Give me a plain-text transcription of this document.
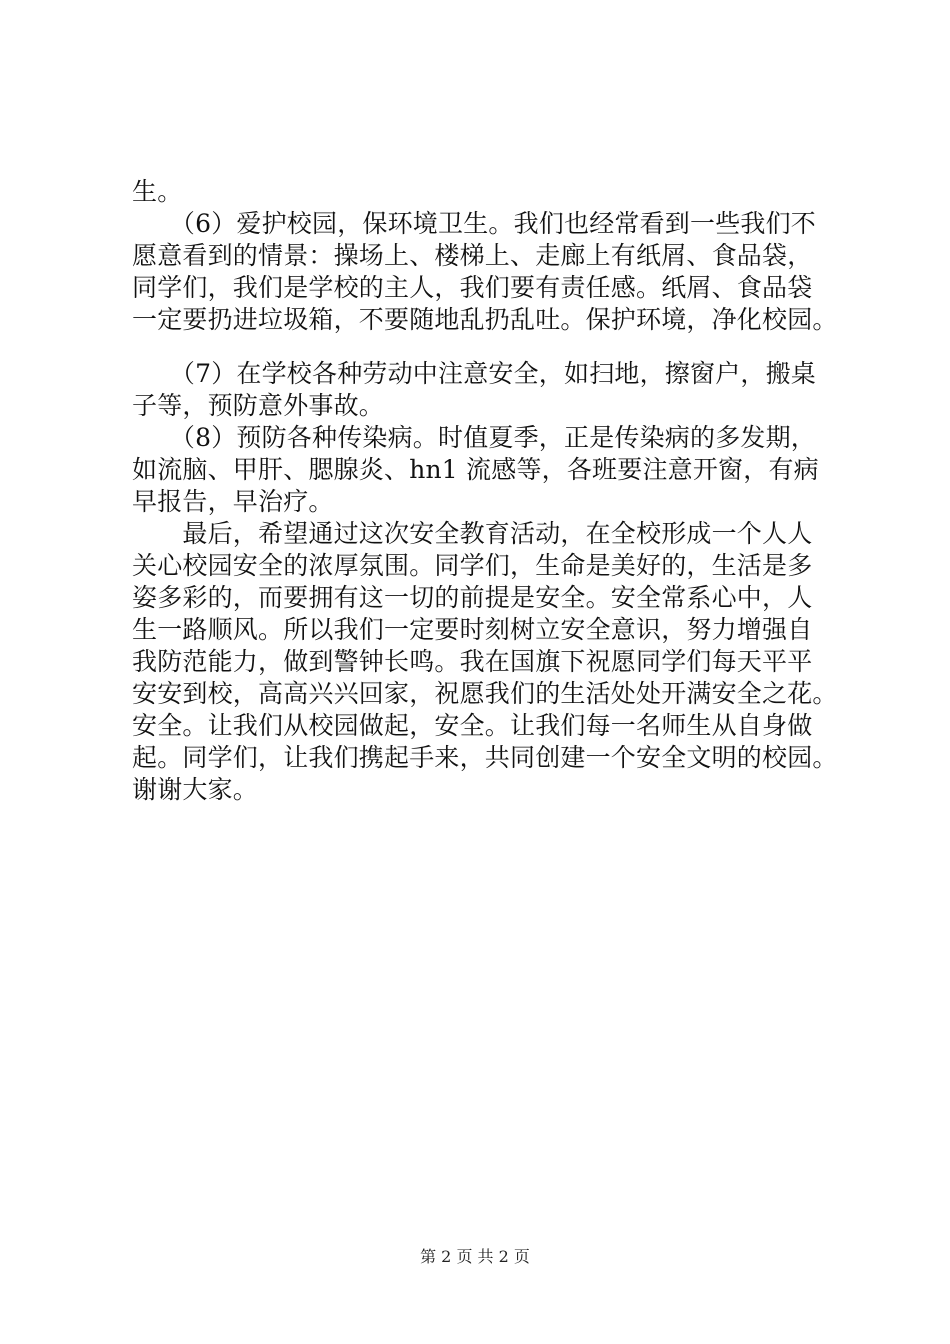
生。
　　（6）爱护校园，保环境卫生。我们也经常看到一些我们不
愿意看到的情景：操场上、楼梯上、走廊上有纸屑、食品袋，
同学们，我们是学校的主人，我们要有责任感。纸屑、食品袋
一定要扔进垃圾箱，不要随地乱扔乱吐。保护环境，净化校园。
　　（7）在学校各种劳动中注意安全，如扫地，擦窗户，搬桌
子等，预防意外事故。
　　（8）预防各种传染病。时值夏季，正是传染病的多发期，
如流脑、甲肝、腮腺炎、hn1 流感等，各班要注意开窗，有病
早报告，早治疗。
　　最后，希望通过这次安全教育活动，在全校形成一个人人
关心校园安全的浓厚氛围。同学们，生命是美好的，生活是多
姿多彩的，而要拥有这一切的前提是安全。安全常系心中，人
生一路顺风。所以我们一定要时刻树立安全意识，努力增强自
我防范能力，做到警钟长鸣。我在国旗下祝愿同学们每天平平
安安到校，高高兴兴回家，祝愿我们的生活处处开满安全之花。
安全。让我们从校园做起，安全。让我们每一名师生从自身做
起。同学们，让我们携起手来，共同创建一个安全文明的校园。
谢谢大家。
第 2 页 共 2 页
